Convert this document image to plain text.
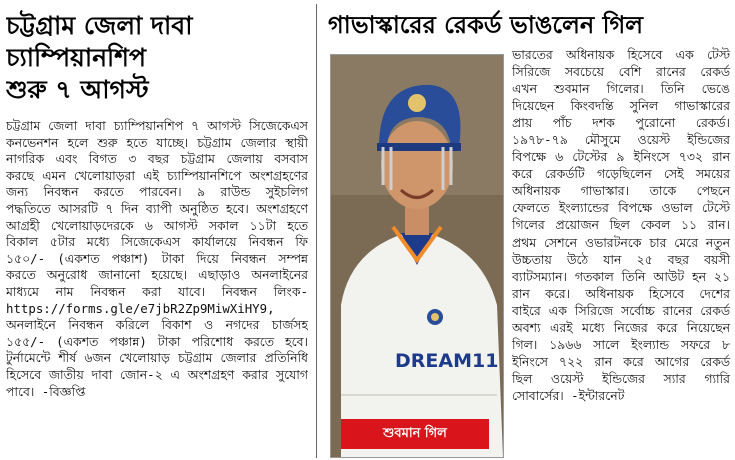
চট্টগ্রাম জেলা দাবা
চ্যাম্পিয়ানশিপ
শুরু ৭ আগস্ট

চট্টগ্রাম জেলা দাবা চ্যাম্পিয়ানশিপ ৭ আগস্ট সিজেকেএস কনভেনশন হলে শুরু হতে যাচ্ছে। চট্টগ্রাম জেলার স্থায়ী নাগরিক এবং বিগত ৩ বছর চট্টগ্রাম জেলায় বসবাস করছে এমন খেলোয়াড়রা এই চ্যাম্পিয়ানশিপে অংশগ্রহণের জন্য নিবন্ধন করতে পারবেন। ৯ রাউন্ড সুইচলিগ পদ্ধতিতে আসরটি ৭ দিন ব্যাপী অনুষ্ঠিত হবে। অংশগ্রহণে আগ্রহী খেলোয়াড়দেরকে ৬ আগস্ট সকাল ১১টা হতে বিকাল ৫টার মধ্যে সিজেকেএস কার্যালয়ে নিবন্ধন ফি ১৫০/- (একশত পঞ্চাশ) টাকা দিয়ে নিবন্ধন সম্পন্ন করতে অনুরোধ জানানো হয়েছে। এছাড়াও অনলাইনের মাধ্যমে নাম নিবন্ধন করা যাবে। নিবন্ধন লিংক-https://forms.gle/e7jbR2Zp9MiwXiHY9, অনলাইনে নিবন্ধন করিলে বিকাশ ও নগদের চার্জসহ ১৫৫/- (একশত পঞ্চান্ন) টাকা পরিশোধ করতে হবে। টুর্নামেন্টে শীর্ষ ৬জন খেলোয়াড় চট্টগ্রাম জেলার প্রতিনিধি হিসেবে জাতীয় দাবা জোন-২ এ অংশগ্রহণ করার সুযোগ পাবে। -বিজ্ঞপ্তি

গাভাস্কারের রেকর্ড ভাঙলেন গিল
DREAM11
শুবমান গিল

ভারতের অধিনায়ক হিসেবে এক টেস্ট সিরিজে সবচেয়ে বেশি রানের রেকর্ড এখন শুবমান গিলের। তিনি ভেঙে দিয়েছেন কিংবদন্তি সুনিল গাভাস্কারের প্রায় পাঁচ দশক পুরোনো রেকর্ড। ১৯৭৮-৭৯ মৌসুমে ওয়েস্ট ইন্ডিজের বিপক্ষে ৬ টেস্টের ৯ ইনিংসে ৭৩২ রান করে রেকর্ডটি গড়েছিলেন সেই সময়ের অধিনায়ক গাভাস্কার। তাকে পেছনে ফেলতে ইংল্যান্ডের বিপক্ষে ওভাল টেস্টে গিলের প্রয়োজন ছিল কেবল ১১ রান। প্রথম সেশনে ওভারটনকে চার মেরে নতুন উচ্চতায় উঠে যান ২৫ বছর বয়সী ব্যাটসম্যান। গতকাল তিনি আউট হন ২১ রান করে। অধিনায়ক হিসেবে দেশের বাইরে এক সিরিজে সর্বোচ্চ রানের রেকর্ড অবশ্য এরই মধ্যে নিজের করে নিয়েছেন গিল। ১৯৬৬ সালে ইংল্যান্ড সফরে ৮ ইনিংসে ৭২২ রান করে আগের রেকর্ড ছিল ওয়েস্ট ইন্ডিজের স্যার গ্যারি সোবার্সের। -ইন্টারনেট
